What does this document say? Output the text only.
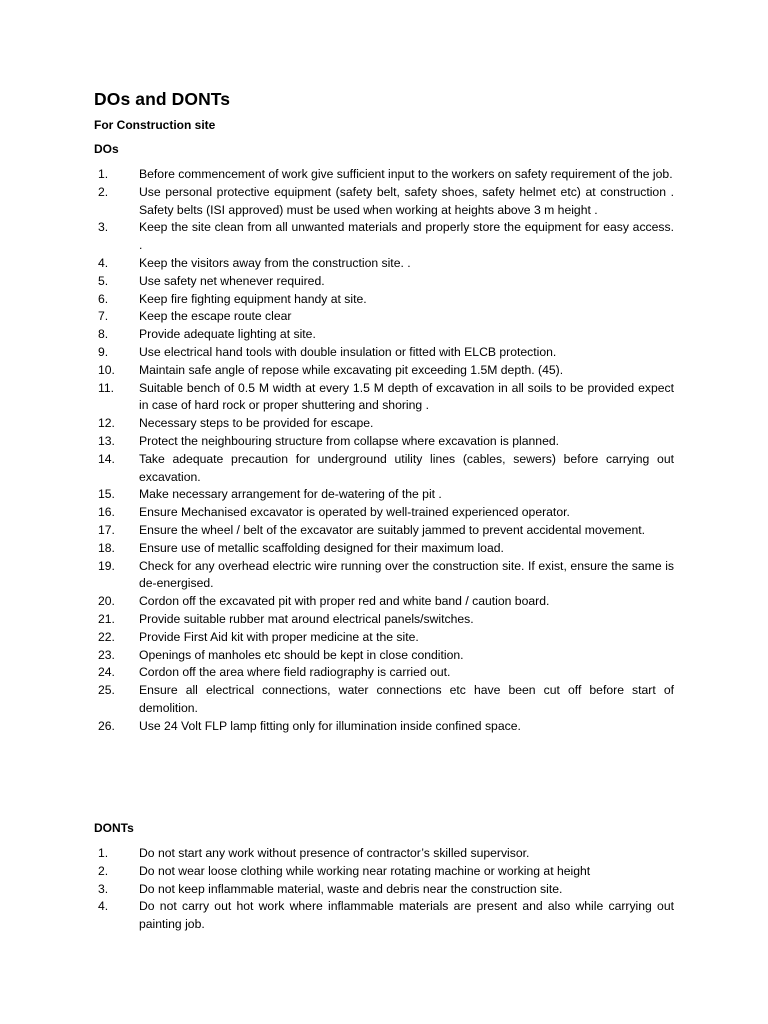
DOs and DONTs
For Construction site
DOs
1.	Before commencement of work give sufficient input to the workers on safety requirement of the job.
2.	Use personal protective equipment (safety belt, safety shoes, safety helmet etc) at construction . Safety belts (ISI approved) must be used when working at heights above 3 m height .
3.	Keep the site clean from all unwanted materials and properly store the equipment for easy access. .
4.	Keep the visitors away from the construction site. .
5.	Use safety net whenever required.
6.	Keep fire fighting equipment handy at site.
7.	Keep the escape route clear
8.	Provide adequate lighting at site.
9.	Use electrical hand tools with double insulation or fitted with ELCB protection.
10.	Maintain safe angle of repose while excavating pit exceeding 1.5M depth. (45).
11.	Suitable bench of 0.5 M width at every 1.5 M depth of excavation in all soils to be provided expect in case of hard rock or proper shuttering and shoring .
12.	Necessary steps to be provided for escape.
13.	Protect the neighbouring structure from collapse where excavation is planned.
14.	Take adequate precaution for underground utility lines (cables, sewers) before carrying out excavation.
15.	Make necessary arrangement for de-watering of the pit .
16.	Ensure Mechanised excavator is operated by well-trained experienced operator.
17.	Ensure the wheel / belt of the excavator are suitably jammed to prevent accidental movement.
18.	Ensure use of metallic scaffolding designed for their maximum load.
19.	Check for any overhead electric wire running over the construction site. If exist, ensure the same is de-energised.
20.	Cordon off the excavated pit with proper red and white band / caution board.
21.	Provide suitable rubber mat around electrical panels/switches.
22.	Provide First Aid kit with proper medicine at the site.
23.	Openings of manholes etc should be kept in close condition.
24.	Cordon off the area where field radiography is carried out.
25.	Ensure all electrical connections, water connections etc have been cut off before start of demolition.
26.	Use 24 Volt FLP lamp fitting only for illumination inside confined space.
DONTs
1.	Do not start any work without presence of contractor’s skilled supervisor.
2.	Do not wear loose clothing while working near rotating machine or working at height
3.	Do not keep inflammable material, waste and debris near the construction site.
4.	Do not carry out hot work where inflammable materials are present and also while carrying out painting job.
